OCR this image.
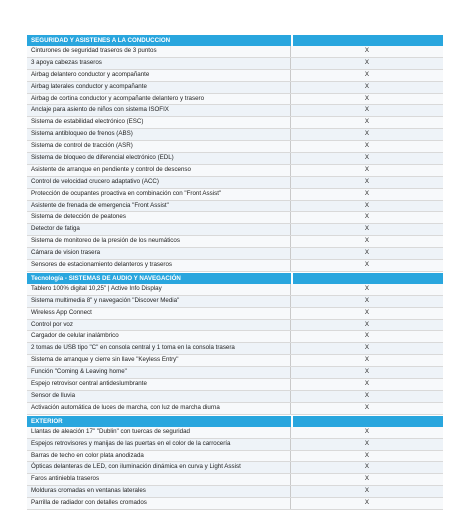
SEGURIDAD Y ASISTENES A LA CONDUCCION
Cinturones de seguridad traseros de 3 puntos	X
3 apoya cabezas traseros	X
Airbag delantero conductor y acompañante	X
Airbag laterales conductor y acompañante	X
Airbag de cortina conductor y acompañante delantero y trasero	X
Anclaje para asiento de niños con sistema ISOFIX	X
Sistema de estabilidad electrónico (ESC)	X
Sistema antibloqueo de frenos (ABS)	X
Sistema de control de tracción (ASR)	X
Sistema de bloqueo de diferencial electrónico (EDL)	X
Asistente de arranque en pendiente y control de descenso	X
Control de velocidad crucero adaptativo (ACC)	X
Protección de ocupantes proactiva en combinación con "Front Assist"	X
Asistente de frenada de emergencia "Front Assist"	X
Sistema de detección de peatones	X
Detector de fatiga	X
Sistema de monitoreo de la presión de los neumáticos	X
Cámara de vision trasera	X
Sensores de estacionamiento delanteros y traseros	X
Tecnología - SISTEMAS DE AUDIO Y NAVEGACIÓN
Tablero 100% digital 10,25" | Active Info Display	X
Sistema multimedia 8" y navegación "Discover Media"	X
Wireless App Connect	X
Control por voz	X
Cargador de celular inalámbrico	X
2 tomas de USB tipo "C" en consola central y 1 toma en la consola trasera	X
Sistema de arranque y cierre sin llave "Keyless Entry"	X
Función "Coming & Leaving home"	X
Espejo retrovisor central antideslumbrante	X
Sensor de lluvia	X
Activación automática de luces de marcha, con luz de marcha diurna	X
EXTERIOR
Llantas de aleación 17" "Dublin" con tuercas de seguridad	X
Espejos retrovisores y manijas de las puertas en el color de la carrocería	X
Barras de techo en color plata anodizada	X
Ópticas delanteras de LED, con iluminación dinámica en curva y Light Assist	X
Faros antiniebla traseros	X
Molduras cromadas en ventanas laterales	X
Parrilla de radiador con detalles cromados	X
